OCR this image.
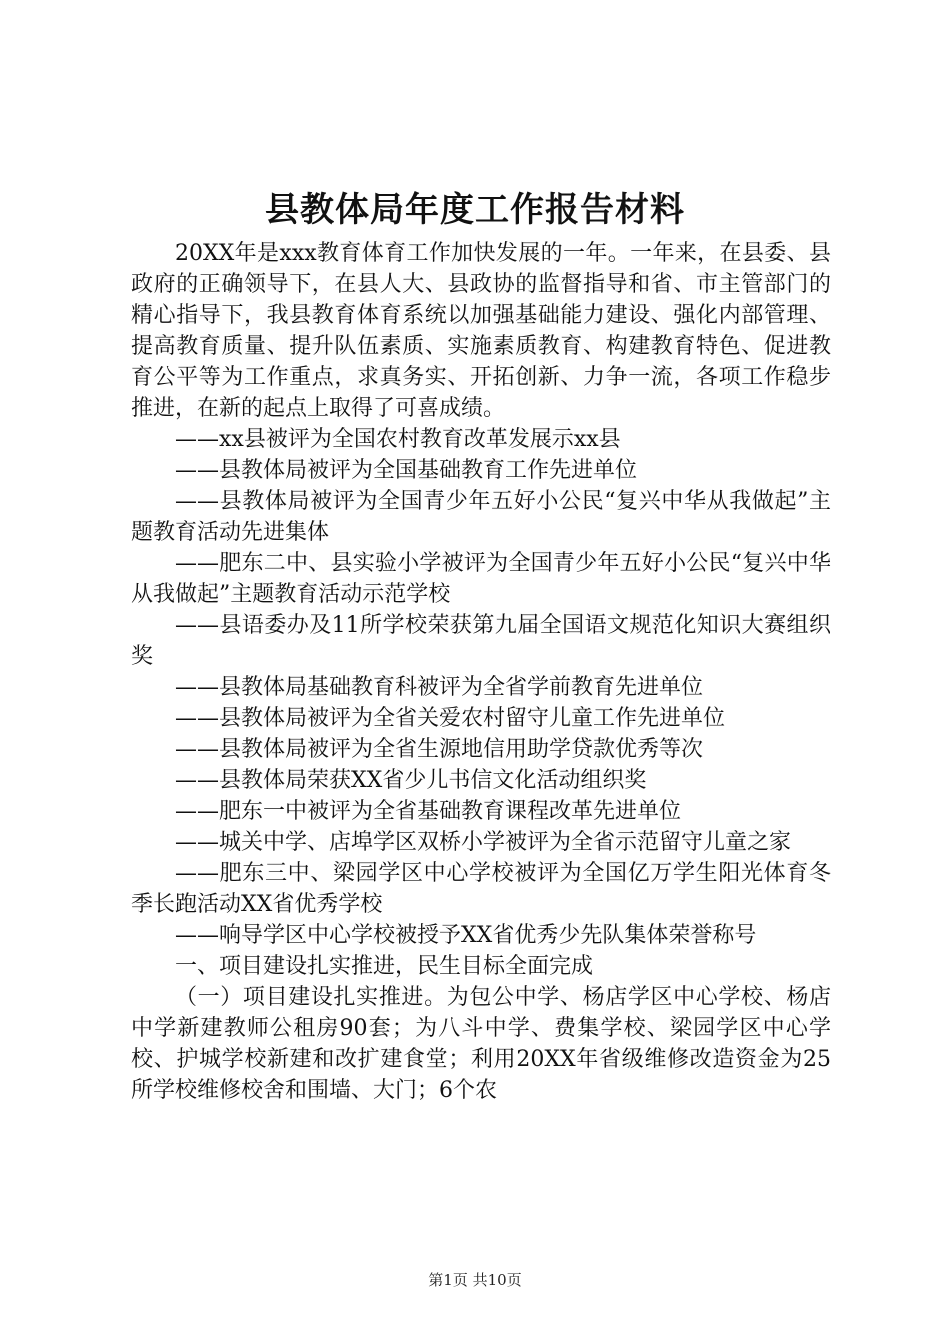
县教体局年度工作报告材料

20XX年是xxx教育体育工作加快发展的一年。一年来，在县委、县政府的正确领导下，在县人大、县政协的监督指导和省、市主管部门的精心指导下，我县教育体育系统以加强基础能力建设、强化内部管理、提高教育质量、提升队伍素质、实施素质教育、构建教育特色、促进教育公平等为工作重点，求真务实、开拓创新、力争一流，各项工作稳步推进，在新的起点上取得了可喜成绩。

——xx县被评为全国农村教育改革发展示xx县

——县教体局被评为全国基础教育工作先进单位

——县教体局被评为全国青少年五好小公民“复兴中华从我做起”主题教育活动先进集体

——肥东二中、县实验小学被评为全国青少年五好小公民“复兴中华从我做起”主题教育活动示范学校

——县语委办及11所学校荣获第九届全国语文规范化知识大赛组织奖

——县教体局基础教育科被评为全省学前教育先进单位

——县教体局被评为全省关爱农村留守儿童工作先进单位

——县教体局被评为全省生源地信用助学贷款优秀等次

——县教体局荣获XX省少儿书信文化活动组织奖

——肥东一中被评为全省基础教育课程改革先进单位

——城关中学、店埠学区双桥小学被评为全省示范留守儿童之家

——肥东三中、梁园学区中心学校被评为全国亿万学生阳光体育冬季长跑活动XX省优秀学校

——响导学区中心学校被授予XX省优秀少先队集体荣誉称号

一、项目建设扎实推进，民生目标全面完成

（一）项目建设扎实推进。为包公中学、杨店学区中心学校、杨店中学新建教师公租房90套；为八斗中学、费集学校、梁园学区中心学校、护城学校新建和改扩建食堂；利用20XX年省级维修改造资金为25所学校维修校舍和围墙、大门；6个农

第1页 共10页
